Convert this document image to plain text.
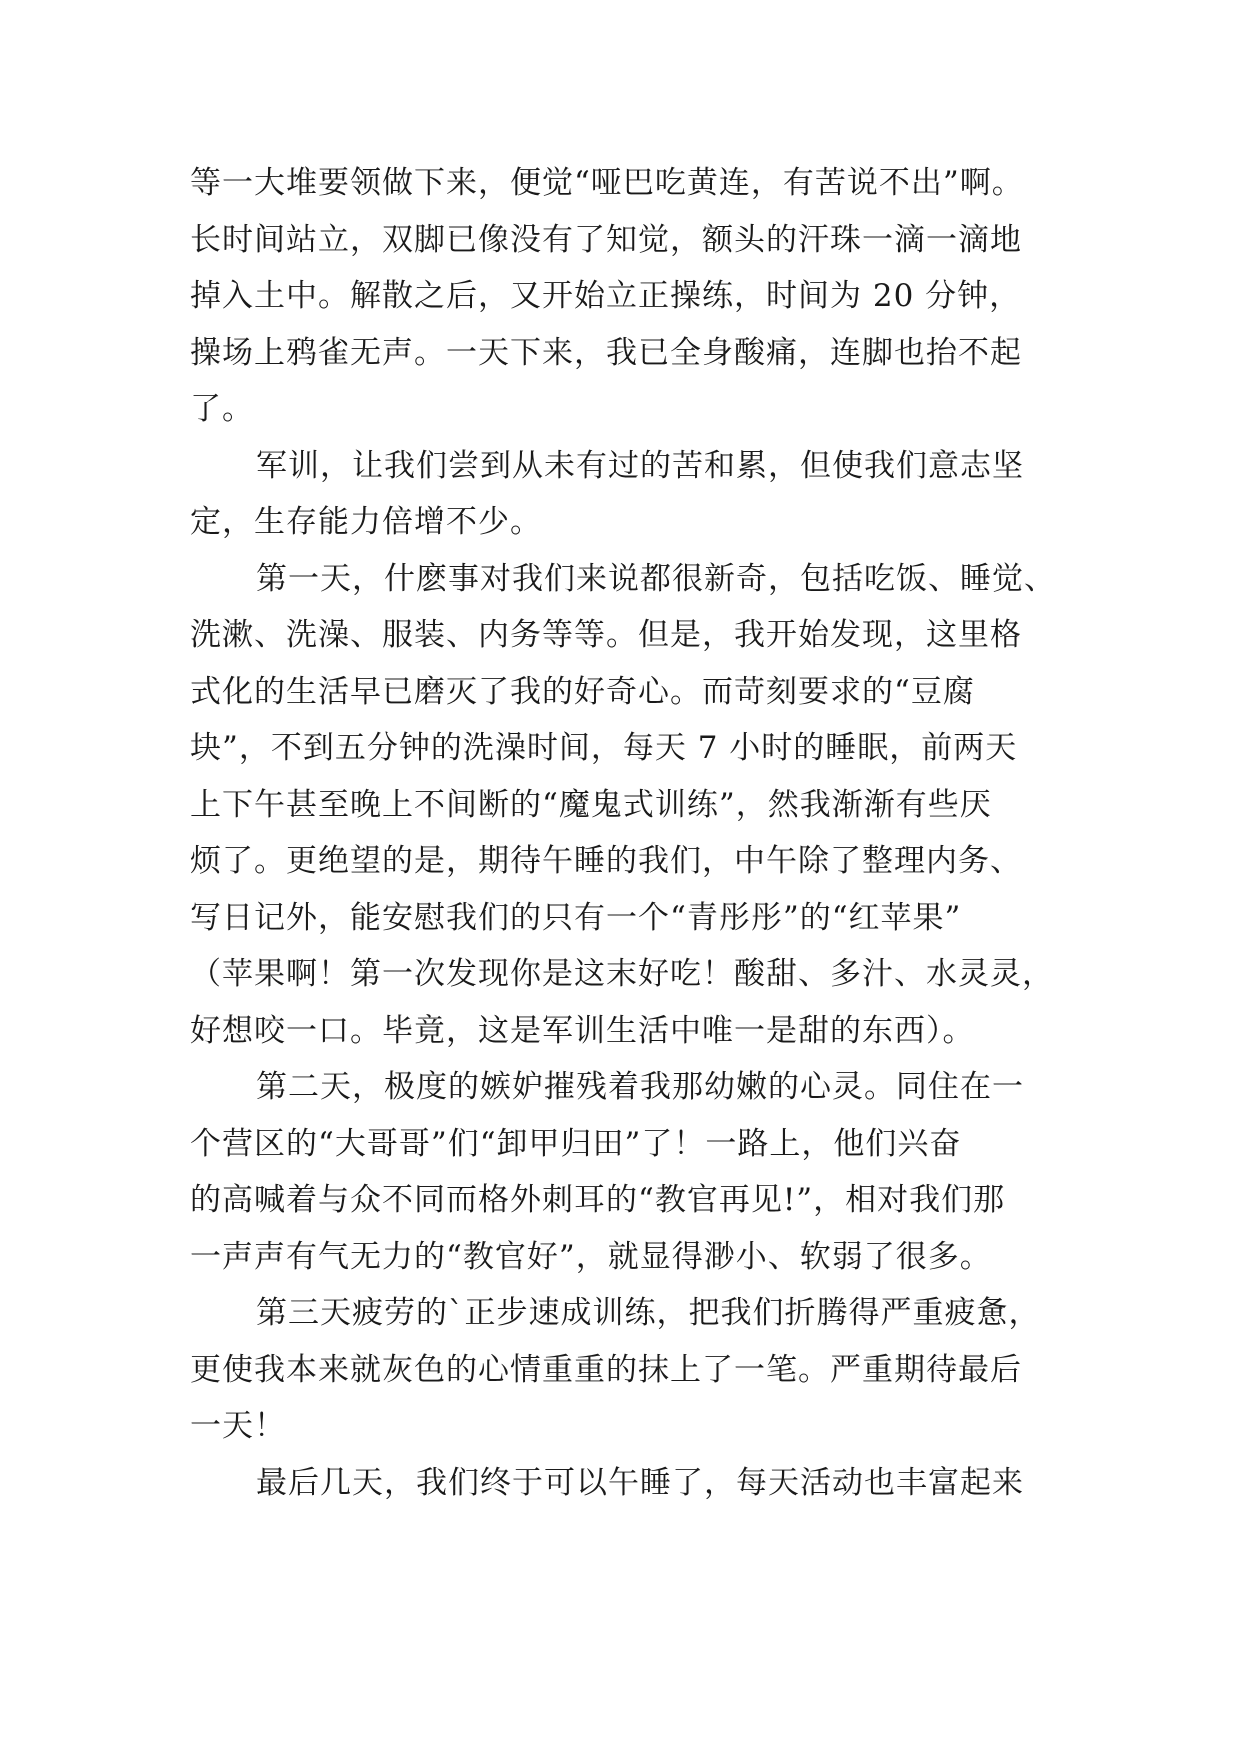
等一大堆要领做下来，便觉“哑巴吃黄连，有苦说不出”啊。
长时间站立，双脚已像没有了知觉，额头的汗珠一滴一滴地
掉入土中。解散之后，又开始立正操练，时间为 20 分钟，
操场上鸦雀无声。一天下来，我已全身酸痛，连脚也抬不起
了。

军训，让我们尝到从未有过的苦和累，但使我们意志坚
定，生存能力倍增不少。

第一天，什麽事对我们来说都很新奇，包括吃饭、睡觉、
洗漱、洗澡、服装、内务等等。但是，我开始发现，这里格
式化的生活早已磨灭了我的好奇心。而苛刻要求的“豆腐
块”，不到五分钟的洗澡时间，每天 7 小时的睡眠，前两天
上下午甚至晚上不间断的“魔鬼式训练”，然我渐渐有些厌
烦了。更绝望的是，期待午睡的我们，中午除了整理内务、
写日记外，能安慰我们的只有一个“青彤彤”的“红苹果”
（苹果啊！第一次发现你是这末好吃！酸甜、多汁、水灵灵，
好想咬一口。毕竟，这是军训生活中唯一是甜的东西）。

第二天，极度的嫉妒摧残着我那幼嫩的心灵。同住在一
个营区的“大哥哥”们“卸甲归田”了！一路上，他们兴奋
的高喊着与众不同而格外刺耳的“教官再见!”，相对我们那
一声声有气无力的“教官好”，就显得渺小、软弱了很多。

第三天疲劳的`正步速成训练，把我们折腾得严重疲惫，
更使我本来就灰色的心情重重的抹上了一笔。严重期待最后
一天！

最后几天，我们终于可以午睡了，每天活动也丰富起来
